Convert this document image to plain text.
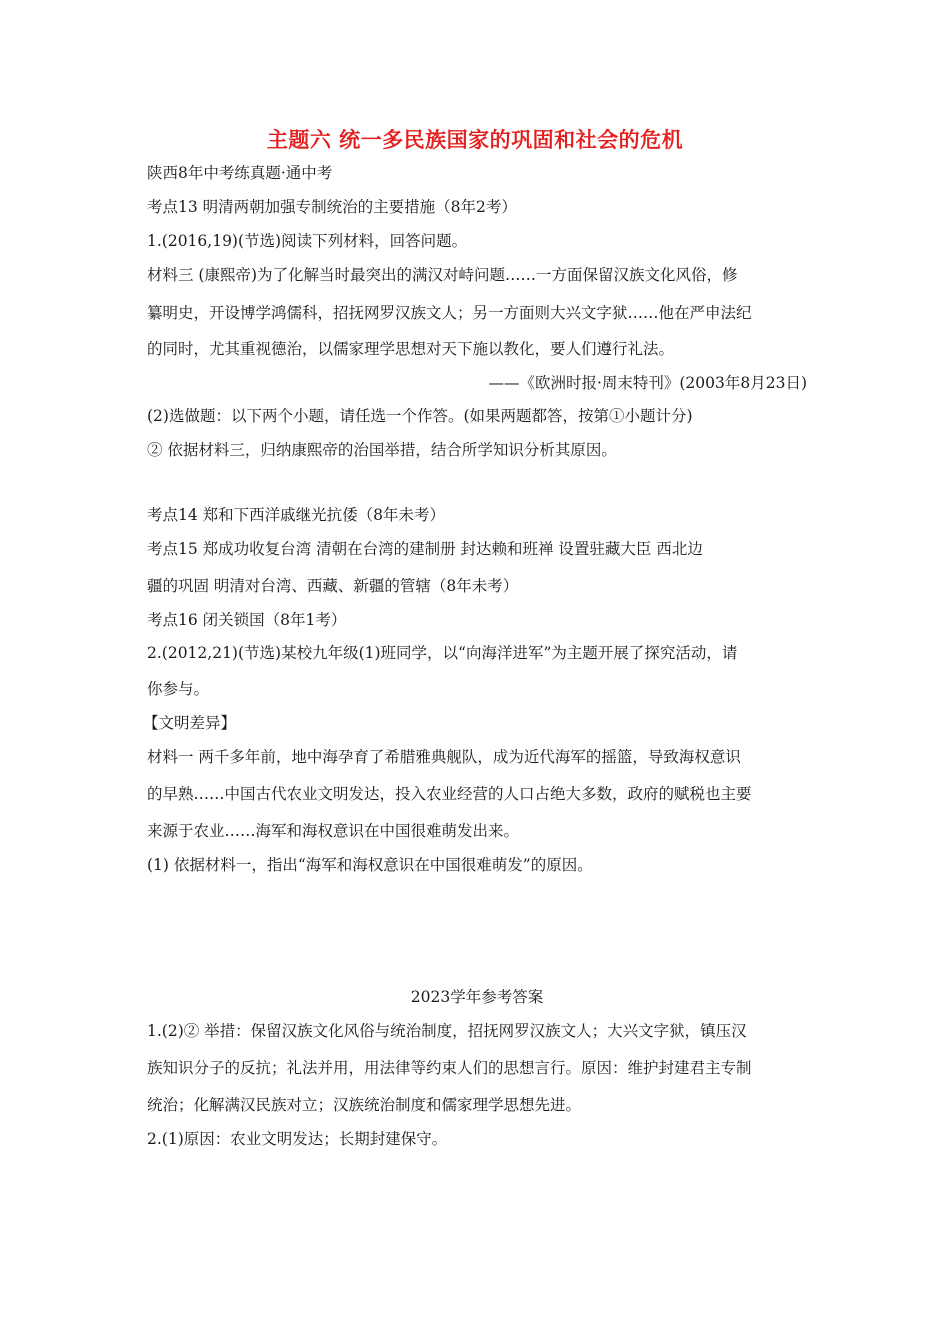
主题六 统一多民族国家的巩固和社会的危机
陕西8年中考练真题·通中考
考点13 明清两朝加强专制统治的主要措施（8年2考）
1.(2016,19)(节选)阅读下列材料，回答问题。
材料三 (康熙帝)为了化解当时最突出的满汉对峙问题……一方面保留汉族文化风俗，修
纂明史，开设博学鸿儒科，招抚网罗汉族文人；另一方面则大兴文字狱……他在严申法纪
的同时，尤其重视德治，以儒家理学思想对天下施以教化，要人们遵行礼法。
——《欧洲时报·周末特刊》(2003年8月23日)
(2)选做题：以下两个小题，请任选一个作答。(如果两题都答，按第①小题计分)
② 依据材料三，归纳康熙帝的治国举措，结合所学知识分析其原因。
考点14 郑和下西洋戚继光抗倭（8年未考）
考点15 郑成功收复台湾 清朝在台湾的建制册 封达赖和班禅 设置驻藏大臣 西北边
疆的巩固 明清对台湾、西藏、新疆的管辖（8年未考）
考点16 闭关锁国（8年1考）
2.(2012,21)(节选)某校九年级(1)班同学，以“向海洋进军”为主题开展了探究活动，请
你参与。
【文明差异】
材料一 两千多年前，地中海孕育了希腊雅典舰队，成为近代海军的摇篮，导致海权意识
的早熟……中国古代农业文明发达，投入农业经营的人口占绝大多数，政府的赋税也主要
来源于农业……海军和海权意识在中国很难萌发出来。
(1) 依据材料一，指出“海军和海权意识在中国很难萌发”的原因。
2023学年参考答案
1.(2)② 举措：保留汉族文化风俗与统治制度，招抚网罗汉族文人；大兴文字狱，镇压汉
族知识分子的反抗；礼法并用，用法律等约束人们的思想言行。原因：维护封建君主专制
统治；化解满汉民族对立；汉族统治制度和儒家理学思想先进。
2.(1)原因：农业文明发达；长期封建保守。
